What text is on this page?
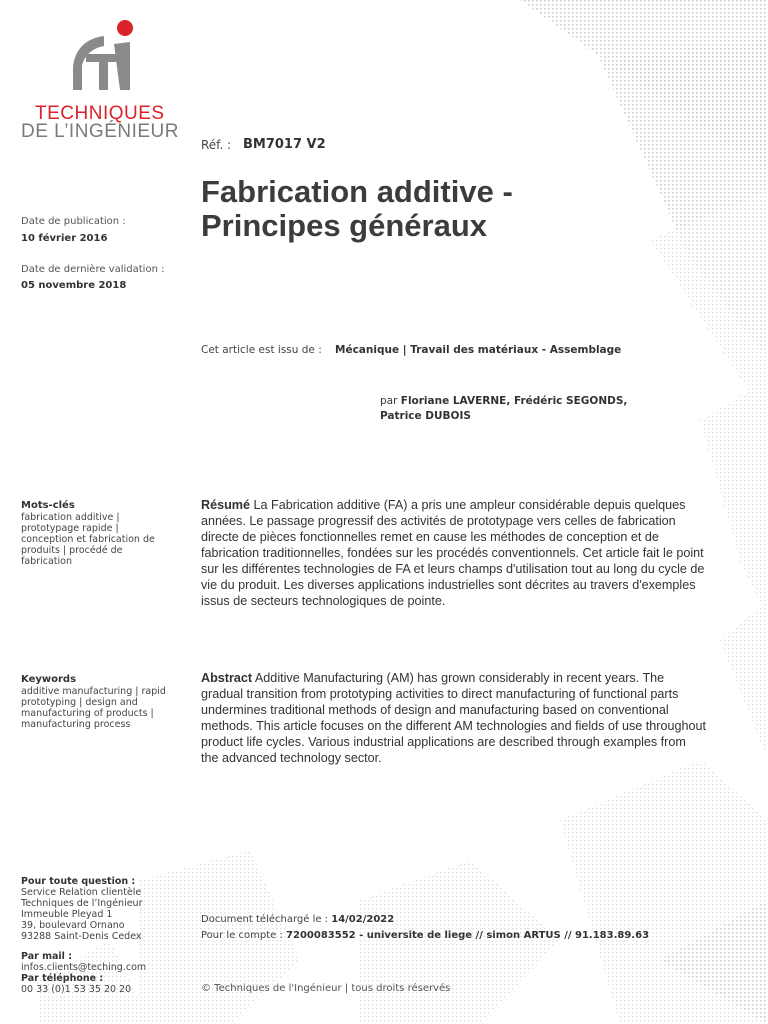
TECHNIQUES
DE L’INGÉNIEUR
Réf. : BM7017 V2
Fabrication additive -
Principes généraux
Date de publication :
10 février 2016
Date de dernière validation :
05 novembre 2018
Cet article est issu de : Mécanique | Travail des matériaux - Assemblage
par Floriane LAVERNE, Frédéric SEGONDS,
Patrice DUBOIS
Mots-clés
fabrication additive | prototypage rapide | conception et fabrication de produits | procédé de fabrication
Keywords
additive manufacturing | rapid prototyping | design and manufacturing of products | manufacturing process
Résumé La Fabrication additive (FA) a pris une ampleur considérable depuis quelques années. Le passage progressif des activités de prototypage vers celles de fabrication directe de pièces fonctionnelles remet en cause les méthodes de conception et de fabrication traditionnelles, fondées sur les procédés conventionnels. Cet article fait le point sur les différentes technologies de FA et leurs champs d'utilisation tout au long du cycle de vie du produit. Les diverses applications industrielles sont décrites au travers d'exemples issus de secteurs technologiques de pointe.
Abstract Additive Manufacturing (AM) has grown considerably in recent years. The gradual transition from prototyping activities to direct manufacturing of functional parts undermines traditional methods of design and manufacturing based on conventional methods. This article focuses on the different AM technologies and fields of use throughout product life cycles. Various industrial applications are described through examples from the advanced technology sector.
Pour toute question :
Service Relation clientèle
Techniques de l’Ingénieur
Immeuble Pleyad 1
39, boulevard Ornano
93288 Saint-Denis Cedex
Par mail :
infos.clients@teching.com
Par téléphone :
00 33 (0)1 53 35 20 20
Document téléchargé le : 14/02/2022
Pour le compte : 7200083552 - universite de liege // simon ARTUS // 91.183.89.63
© Techniques de l'Ingénieur | tous droits réservés
